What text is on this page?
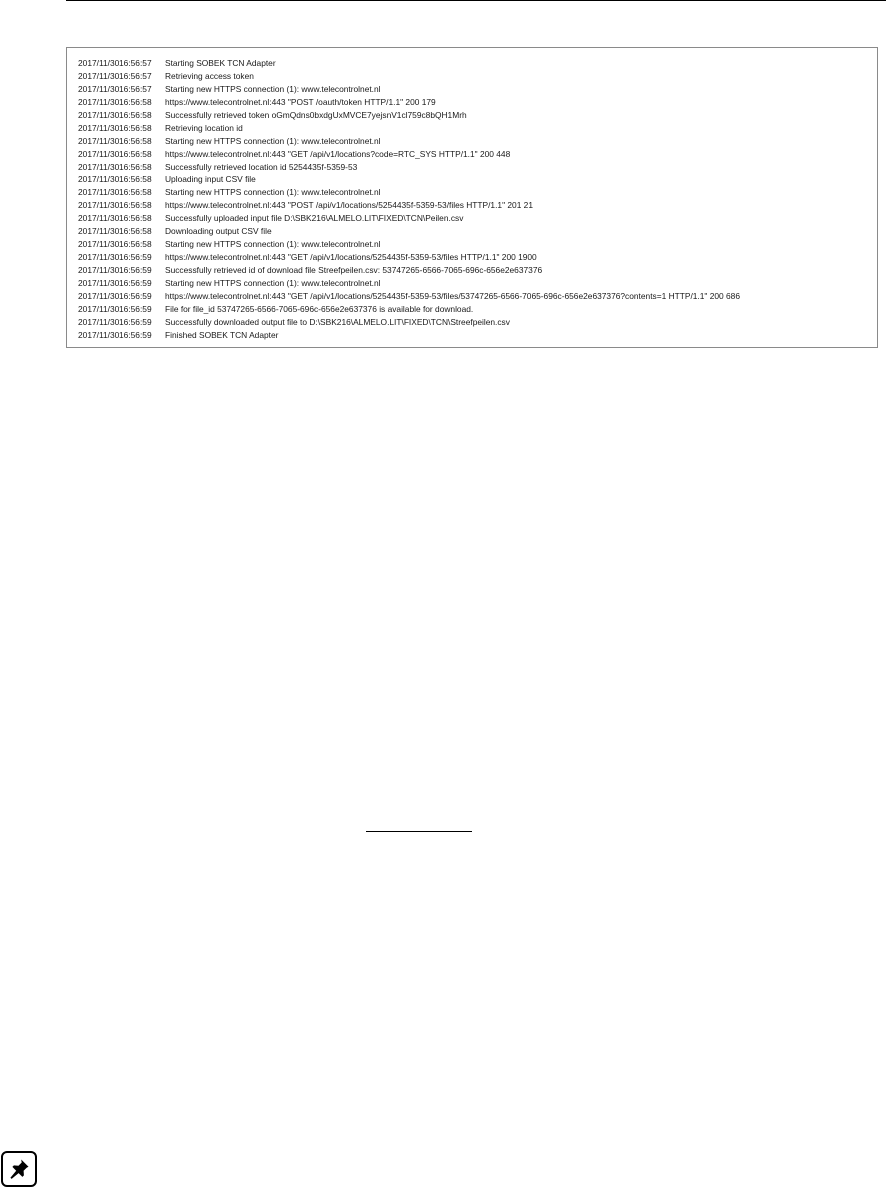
2017/11/30 16:56:57	Starting SOBEK TCN Adapter
2017/11/30 16:56:57	Retrieving access token
2017/11/30 16:56:57	Starting new HTTPS connection (1): www.telecontrolnet.nl
2017/11/30 16:56:58	https://www.telecontrolnet.nl:443 "POST /oauth/token HTTP/1.1" 200 179
2017/11/30 16:56:58	Successfully retrieved token oGmQdns0bxdgUxMVCE7yejsnV1cl759c8bQH1Mrh
2017/11/30 16:56:58	Retrieving location id
2017/11/30 16:56:58	Starting new HTTPS connection (1): www.telecontrolnet.nl
2017/11/30 16:56:58	https://www.telecontrolnet.nl:443 "GET /api/v1/locations?code=RTC_SYS HTTP/1.1" 200 448
2017/11/30 16:56:58	Successfully retrieved location id 5254435f-5359-53
2017/11/30 16:56:58	Uploading input CSV file
2017/11/30 16:56:58	Starting new HTTPS connection (1): www.telecontrolnet.nl
2017/11/30 16:56:58	https://www.telecontrolnet.nl:443 "POST /api/v1/locations/5254435f-5359-53/files HTTP/1.1" 201 21
2017/11/30 16:56:58	Successfully uploaded input file D:\SBK216\ALMELO.LIT\FIXED\TCN\Peilen.csv
2017/11/30 16:56:58	Downloading output CSV file
2017/11/30 16:56:58	Starting new HTTPS connection (1): www.telecontrolnet.nl
2017/11/30 16:56:59	https://www.telecontrolnet.nl:443 "GET /api/v1/locations/5254435f-5359-53/files HTTP/1.1" 200 1900
2017/11/30 16:56:59	Successfully retrieved id of download file Streefpeilen.csv: 53747265-6566-7065-696c-656e2e637376
2017/11/30 16:56:59	Starting new HTTPS connection (1): www.telecontrolnet.nl
2017/11/30 16:56:59	https://www.telecontrolnet.nl:443 "GET /api/v1/locations/5254435f-5359-53/files/53747265-6566-7065-696c-656e2e637376?contents=1 HTTP/1.1" 200 686
2017/11/30 16:56:59	File for file_id 53747265-6566-7065-696c-656e2e637376 is available for download.
2017/11/30 16:56:59	Successfully downloaded output file to D:\SBK216\ALMELO.LIT\FIXED\TCN\Streefpeilen.csv
2017/11/30 16:56:59	Finished SOBEK TCN Adapter
